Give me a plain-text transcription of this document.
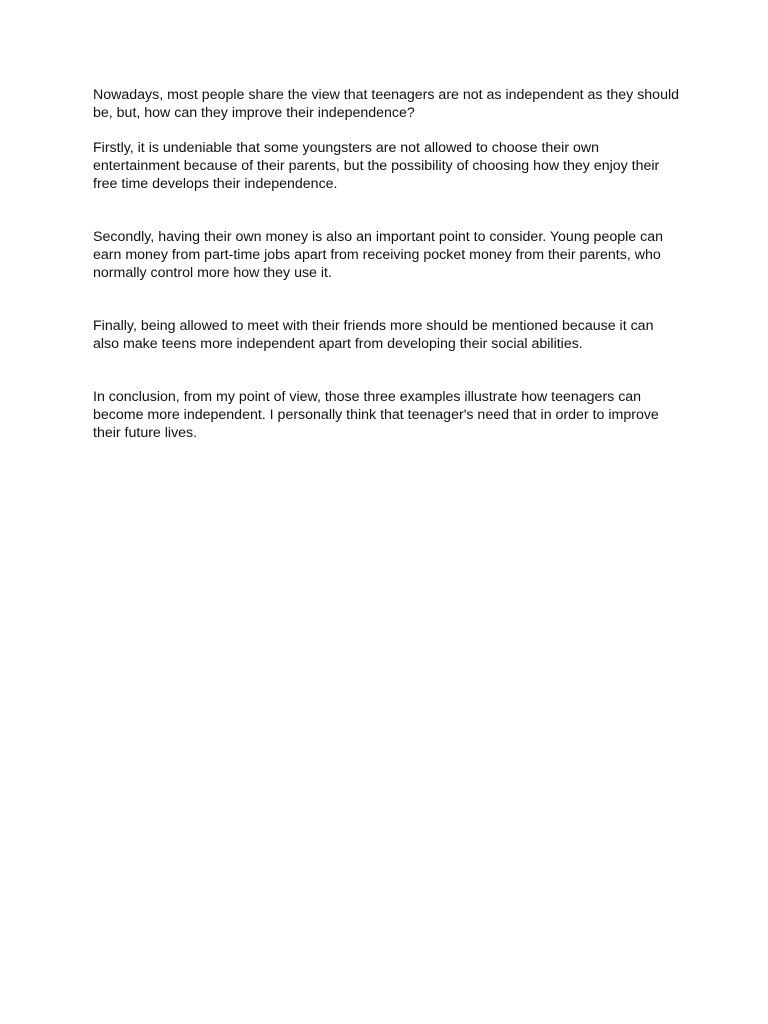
Nowadays, most people share the view that teenagers are not as independent as they should be, but, how can they improve their independence?

Firstly, it is undeniable that some youngsters are not allowed to choose their own entertainment because of their parents, but the possibility of choosing how they enjoy their free time develops their independence.

Secondly, having their own money is also an important point to consider. Young people can earn money from part-time jobs apart from receiving pocket money from their parents, who normally control more how they use it.

Finally, being allowed to meet with their friends more should be mentioned because it can also make teens more independent apart from developing their social abilities.

In conclusion, from my point of view, those three examples illustrate how teenagers can become more independent. I personally think that teenager's need that in order to improve their future lives.
